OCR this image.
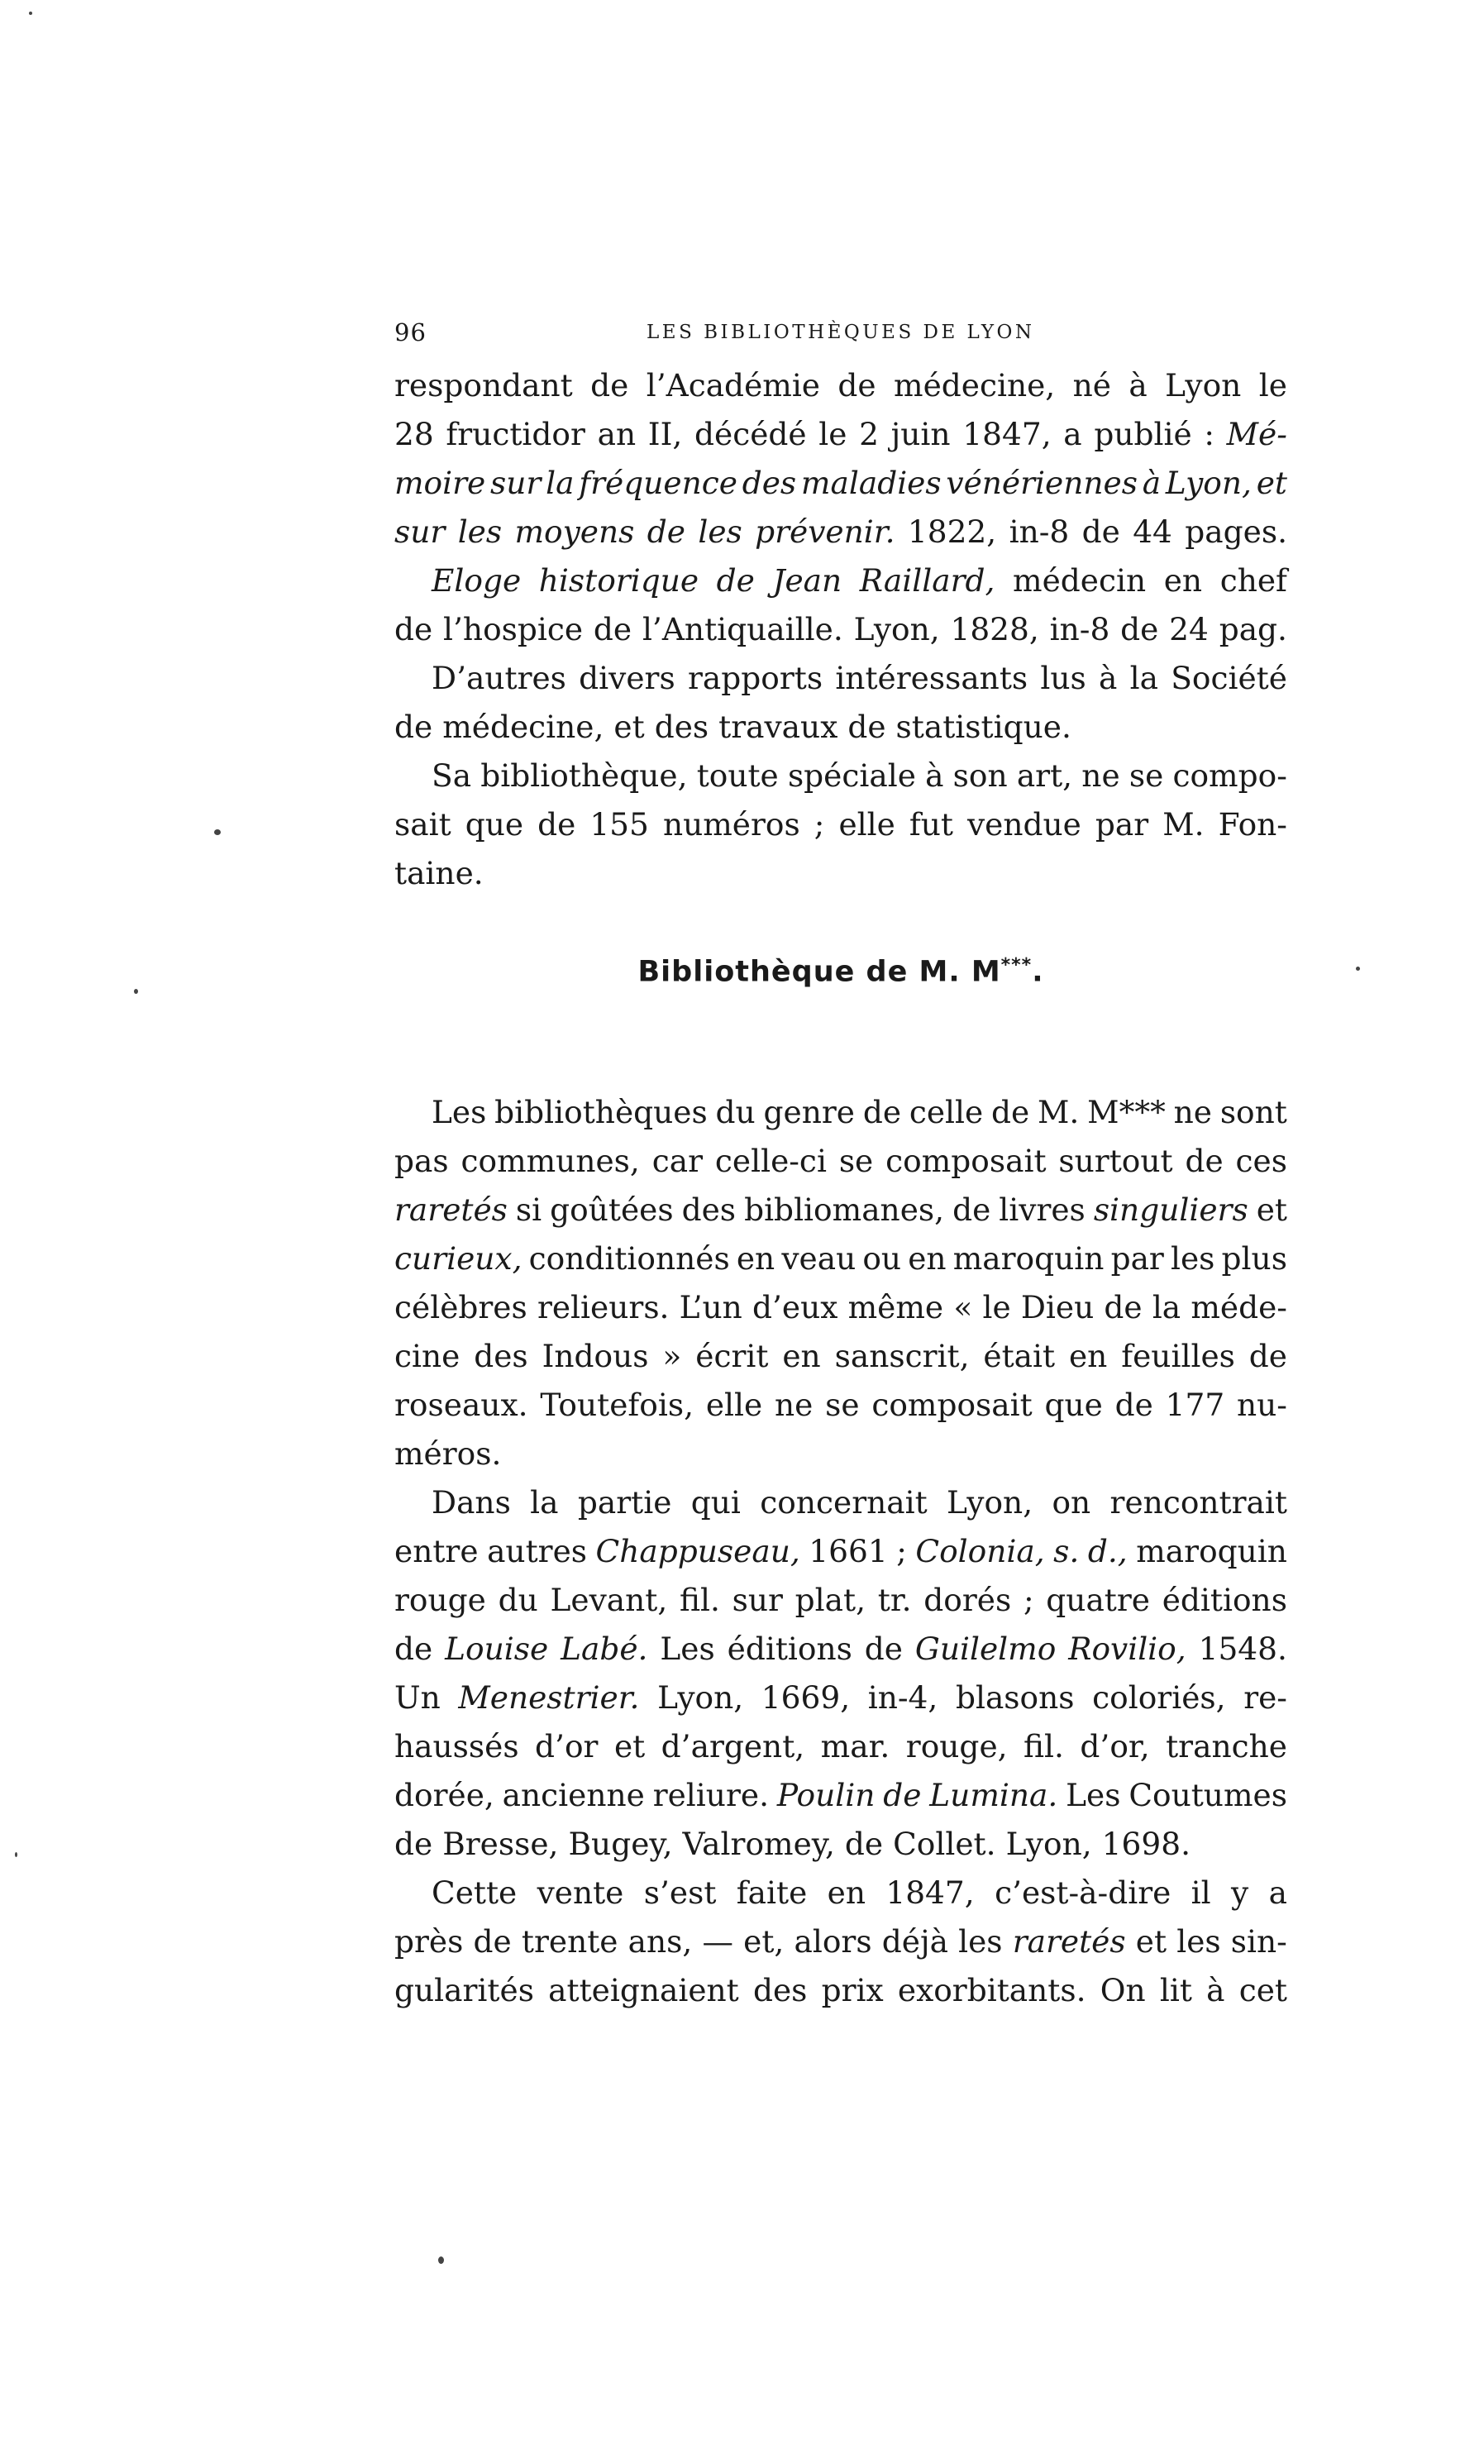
96	LES BIBLIOTHÈQUES DE LYON
respondant de l’Académie de médecine, né à Lyon le
28 fructidor an II, décédé le 2 juin 1847, a publié : Mé-
moire sur la fréquence des maladies vénériennes à Lyon, et
sur les moyens de les prévenir. 1822, in-8 de 44 pages.
Eloge historique de Jean Raillard, médecin en chef
de l’hospice de l’Antiquaille. Lyon, 1828, in-8 de 24 pag.
D’autres divers rapports intéressants lus à la Société
de médecine, et des travaux de statistique.
Sa bibliothèque, toute spéciale à son art, ne se compo-
sait que de 155 numéros ; elle fut vendue par M. Fon-
taine.
Bibliothèque de M. M***.
Les bibliothèques du genre de celle de M. M*** ne sont
pas communes, car celle-ci se composait surtout de ces
raretés si goûtées des bibliomanes, de livres singuliers et
curieux, conditionnés en veau ou en maroquin par les plus
célèbres relieurs. L’un d’eux même « le Dieu de la méde-
cine des Indous » écrit en sanscrit, était en feuilles de
roseaux. Toutefois, elle ne se composait que de 177 nu-
méros.
Dans la partie qui concernait Lyon, on rencontrait
entre autres Chappuseau, 1661 ; Colonia, s. d., maroquin
rouge du Levant, fil. sur plat, tr. dorés ; quatre éditions
de Louise Labé. Les éditions de Guilelmo Rovilio, 1548.
Un Menestrier. Lyon, 1669, in-4, blasons coloriés, re-
haussés d’or et d’argent, mar. rouge, fil. d’or, tranche
dorée, ancienne reliure. Poulin de Lumina. Les Coutumes
de Bresse, Bugey, Valromey, de Collet. Lyon, 1698.
Cette vente s’est faite en 1847, c’est-à-dire il y a
près de trente ans, — et, alors déjà les raretés et les sin-
gularités atteignaient des prix exorbitants. On lit à cet
